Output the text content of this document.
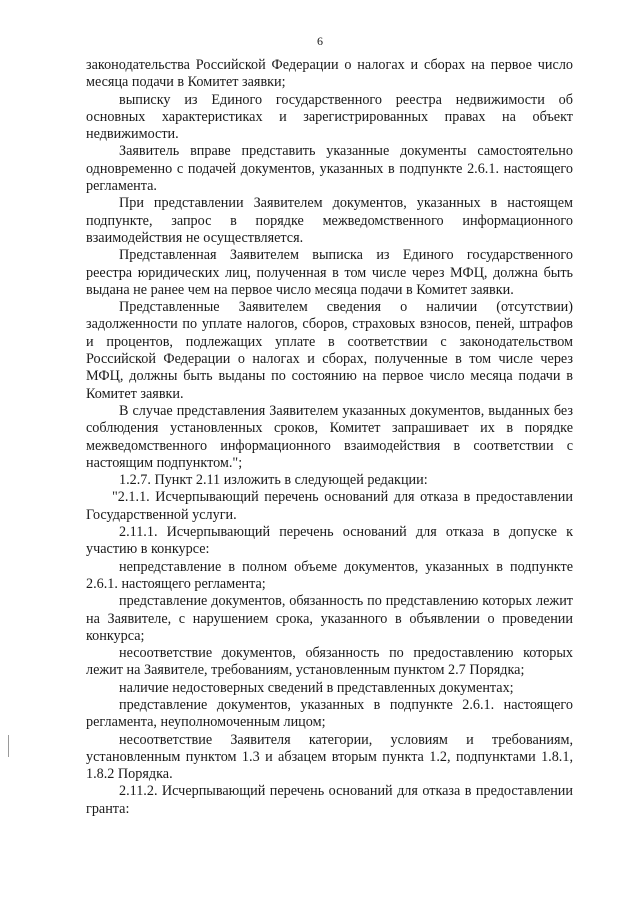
6

законодательства Российской Федерации о налогах и сборах на первое число месяца подачи в Комитет заявки;

выписку из Единого государственного реестра недвижимости об основных характеристиках и зарегистрированных правах на объект недвижимости.

Заявитель вправе представить указанные документы самостоятельно одновременно с подачей документов, указанных в подпункте 2.6.1. настоящего регламента.

При представлении Заявителем документов, указанных в настоящем подпункте, запрос в порядке межведомственного информационного взаимодействия не осуществляется.

Представленная Заявителем выписка из Единого государственного реестра юридических лиц, полученная в том числе через МФЦ, должна быть выдана не ранее чем на первое число месяца подачи в Комитет заявки.

Представленные Заявителем сведения о наличии (отсутствии) задолженности по уплате налогов, сборов, страховых взносов, пеней, штрафов и процентов, подлежащих уплате в соответствии с законодательством Российской Федерации о налогах и сборах, полученные в том числе через МФЦ, должны быть выданы по состоянию на первое число месяца подачи в Комитет заявки.

В случае представления Заявителем указанных документов, выданных без соблюдения установленных сроков, Комитет запрашивает их в порядке межведомственного информационного взаимодействия в соответствии с настоящим подпунктом.";

1.2.7. Пункт 2.11 изложить в следующей редакции:

"2.1.1. Исчерпывающий перечень оснований для отказа в предоставлении Государственной услуги.

2.11.1. Исчерпывающий перечень оснований для отказа в допуске к участию в конкурсе:

непредставление в полном объеме документов, указанных в подпункте 2.6.1. настоящего регламента;

представление документов, обязанность по представлению которых лежит на Заявителе, с нарушением срока, указанного в объявлении о проведении конкурса;

несоответствие документов, обязанность по предоставлению которых лежит на Заявителе, требованиям, установленным пунктом 2.7 Порядка;

наличие недостоверных сведений в представленных документах;

представление документов, указанных в подпункте 2.6.1. настоящего регламента, неуполномоченным лицом;

несоответствие Заявителя категории, условиям и требованиям, установленным пунктом 1.3 и абзацем вторым пункта 1.2, подпунктами 1.8.1, 1.8.2 Порядка.

2.11.2. Исчерпывающий перечень оснований для отказа в предоставлении гранта:
